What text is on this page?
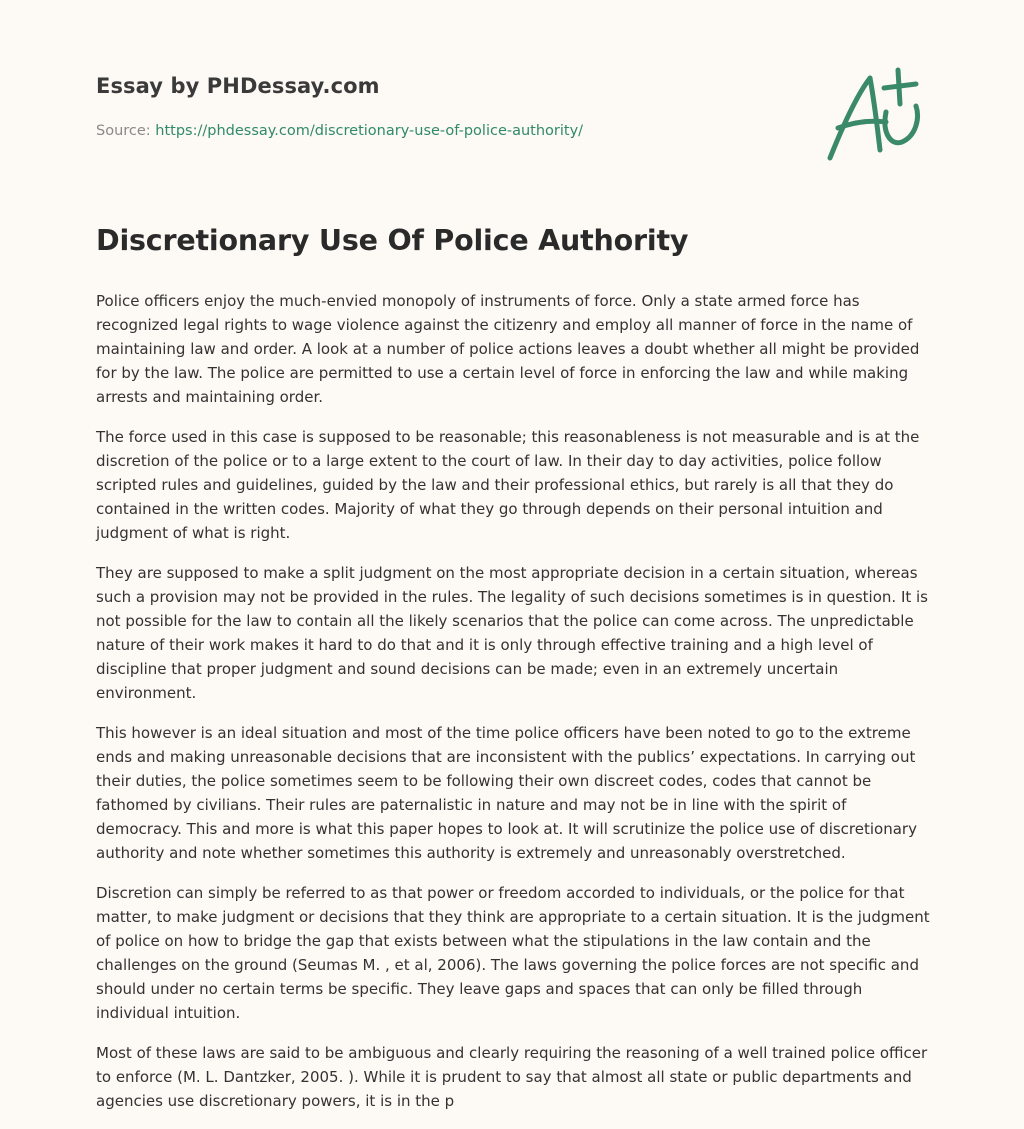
Essay by PHDessay.com
Source: https://phdessay.com/discretionary-use-of-police-authority/
Discretionary Use Of Police Authority

Police officers enjoy the much-envied monopoly of instruments of force. Only a state armed force has recognized legal rights to wage violence against the citizenry and employ all manner of force in the name of maintaining law and order. A look at a number of police actions leaves a doubt whether all might be provided for by the law. The police are permitted to use a certain level of force in enforcing the law and while making arrests and maintaining order.

The force used in this case is supposed to be reasonable; this reasonableness is not measurable and is at the discretion of the police or to a large extent to the court of law. In their day to day activities, police follow scripted rules and guidelines, guided by the law and their professional ethics, but rarely is all that they do contained in the written codes. Majority of what they go through depends on their personal intuition and judgment of what is right.

They are supposed to make a split judgment on the most appropriate decision in a certain situation, whereas such a provision may not be provided in the rules. The legality of such decisions sometimes is in question. It is not possible for the law to contain all the likely scenarios that the police can come across. The unpredictable nature of their work makes it hard to do that and it is only through effective training and a high level of discipline that proper judgment and sound decisions can be made; even in an extremely uncertain environment.

This however is an ideal situation and most of the time police officers have been noted to go to the extreme ends and making unreasonable decisions that are inconsistent with the publics’ expectations. In carrying out their duties, the police sometimes seem to be following their own discreet codes, codes that cannot be fathomed by civilians. Their rules are paternalistic in nature and may not be in line with the spirit of democracy. This and more is what this paper hopes to look at. It will scrutinize the police use of discretionary authority and note whether sometimes this authority is extremely and unreasonably overstretched.

Discretion can simply be referred to as that power or freedom accorded to individuals, or the police for that matter, to make judgment or decisions that they think are appropriate to a certain situation. It is the judgment of police on how to bridge the gap that exists between what the stipulations in the law contain and the challenges on the ground (Seumas M. , et al, 2006). The laws governing the police forces are not specific and should under no certain terms be specific. They leave gaps and spaces that can only be filled through individual intuition.

Most of these laws are said to be ambiguous and clearly requiring the reasoning of a well trained police officer to enforce (M. L. Dantzker, 2005. ). While it is prudent to say that almost all state or public departments and agencies use discretionary powers, it is in the p
